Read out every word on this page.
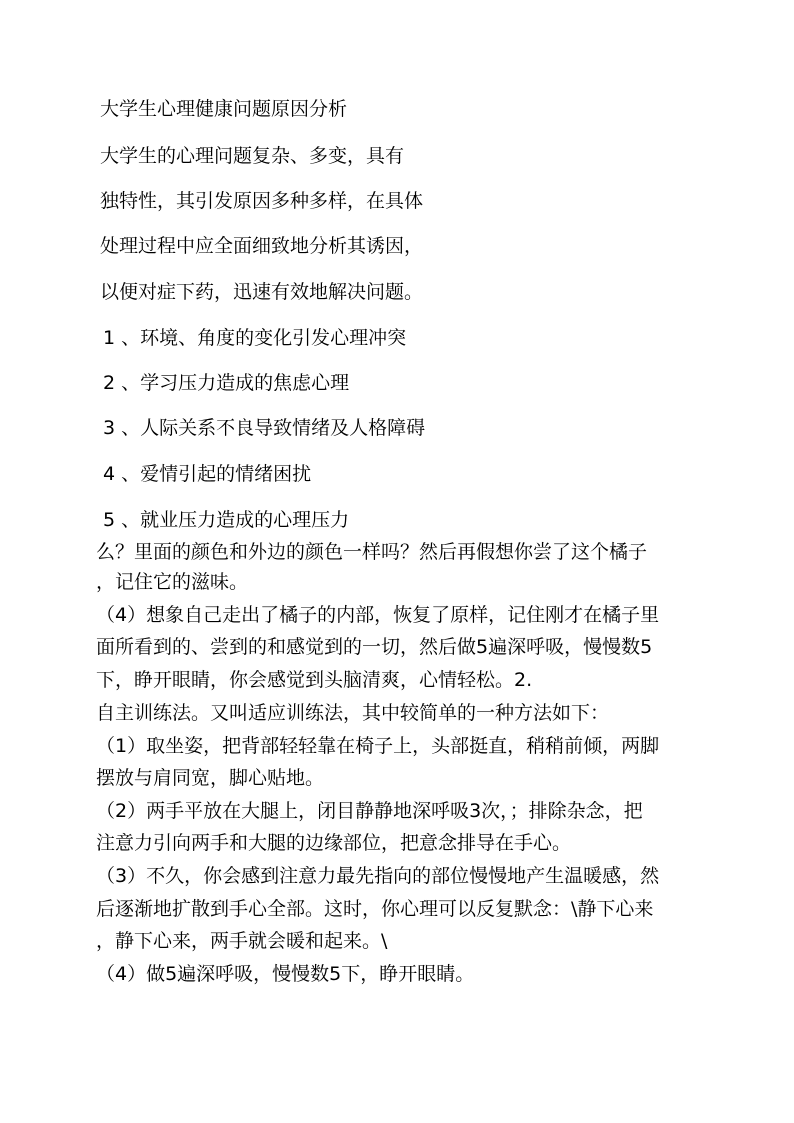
大学生心理健康问题原因分析
大学生的心理问题复杂、多变，具有
独特性，其引发原因多种多样，在具体
处理过程中应全面细致地分析其诱因，
以便对症下药，迅速有效地解决问题。
1 、环境、角度的变化引发心理冲突
2 、学习压力造成的焦虑心理
3 、人际关系不良导致情绪及人格障碍
4 、爱情引起的情绪困扰
5 、就业压力造成的心理压力
么？里面的颜色和外边的颜色一样吗？然后再假想你尝了这个橘子
，记住它的滋味。
（4）想象自己走出了橘子的内部，恢复了原样，记住刚才在橘子里
面所看到的、尝到的和感觉到的一切，然后做5遍深呼吸，慢慢数5
下，睁开眼睛，你会感觉到头脑清爽，心情轻松。2.
自主训练法。又叫适应训练法，其中较简单的一种方法如下：
（1）取坐姿，把背部轻轻靠在椅子上，头部挺直，稍稍前倾，两脚
摆放与肩同宽，脚心贴地。
（2）两手平放在大腿上，闭目静静地深呼吸3次，；排除杂念，把
注意力引向两手和大腿的边缘部位，把意念排导在手心。
（3）不久，你会感到注意力最先指向的部位慢慢地产生温暖感，然
后逐渐地扩散到手心全部。这时，你心理可以反复默念：\静下心来
，静下心来，两手就会暖和起来。\
（4）做5遍深呼吸，慢慢数5下，睁开眼睛。
